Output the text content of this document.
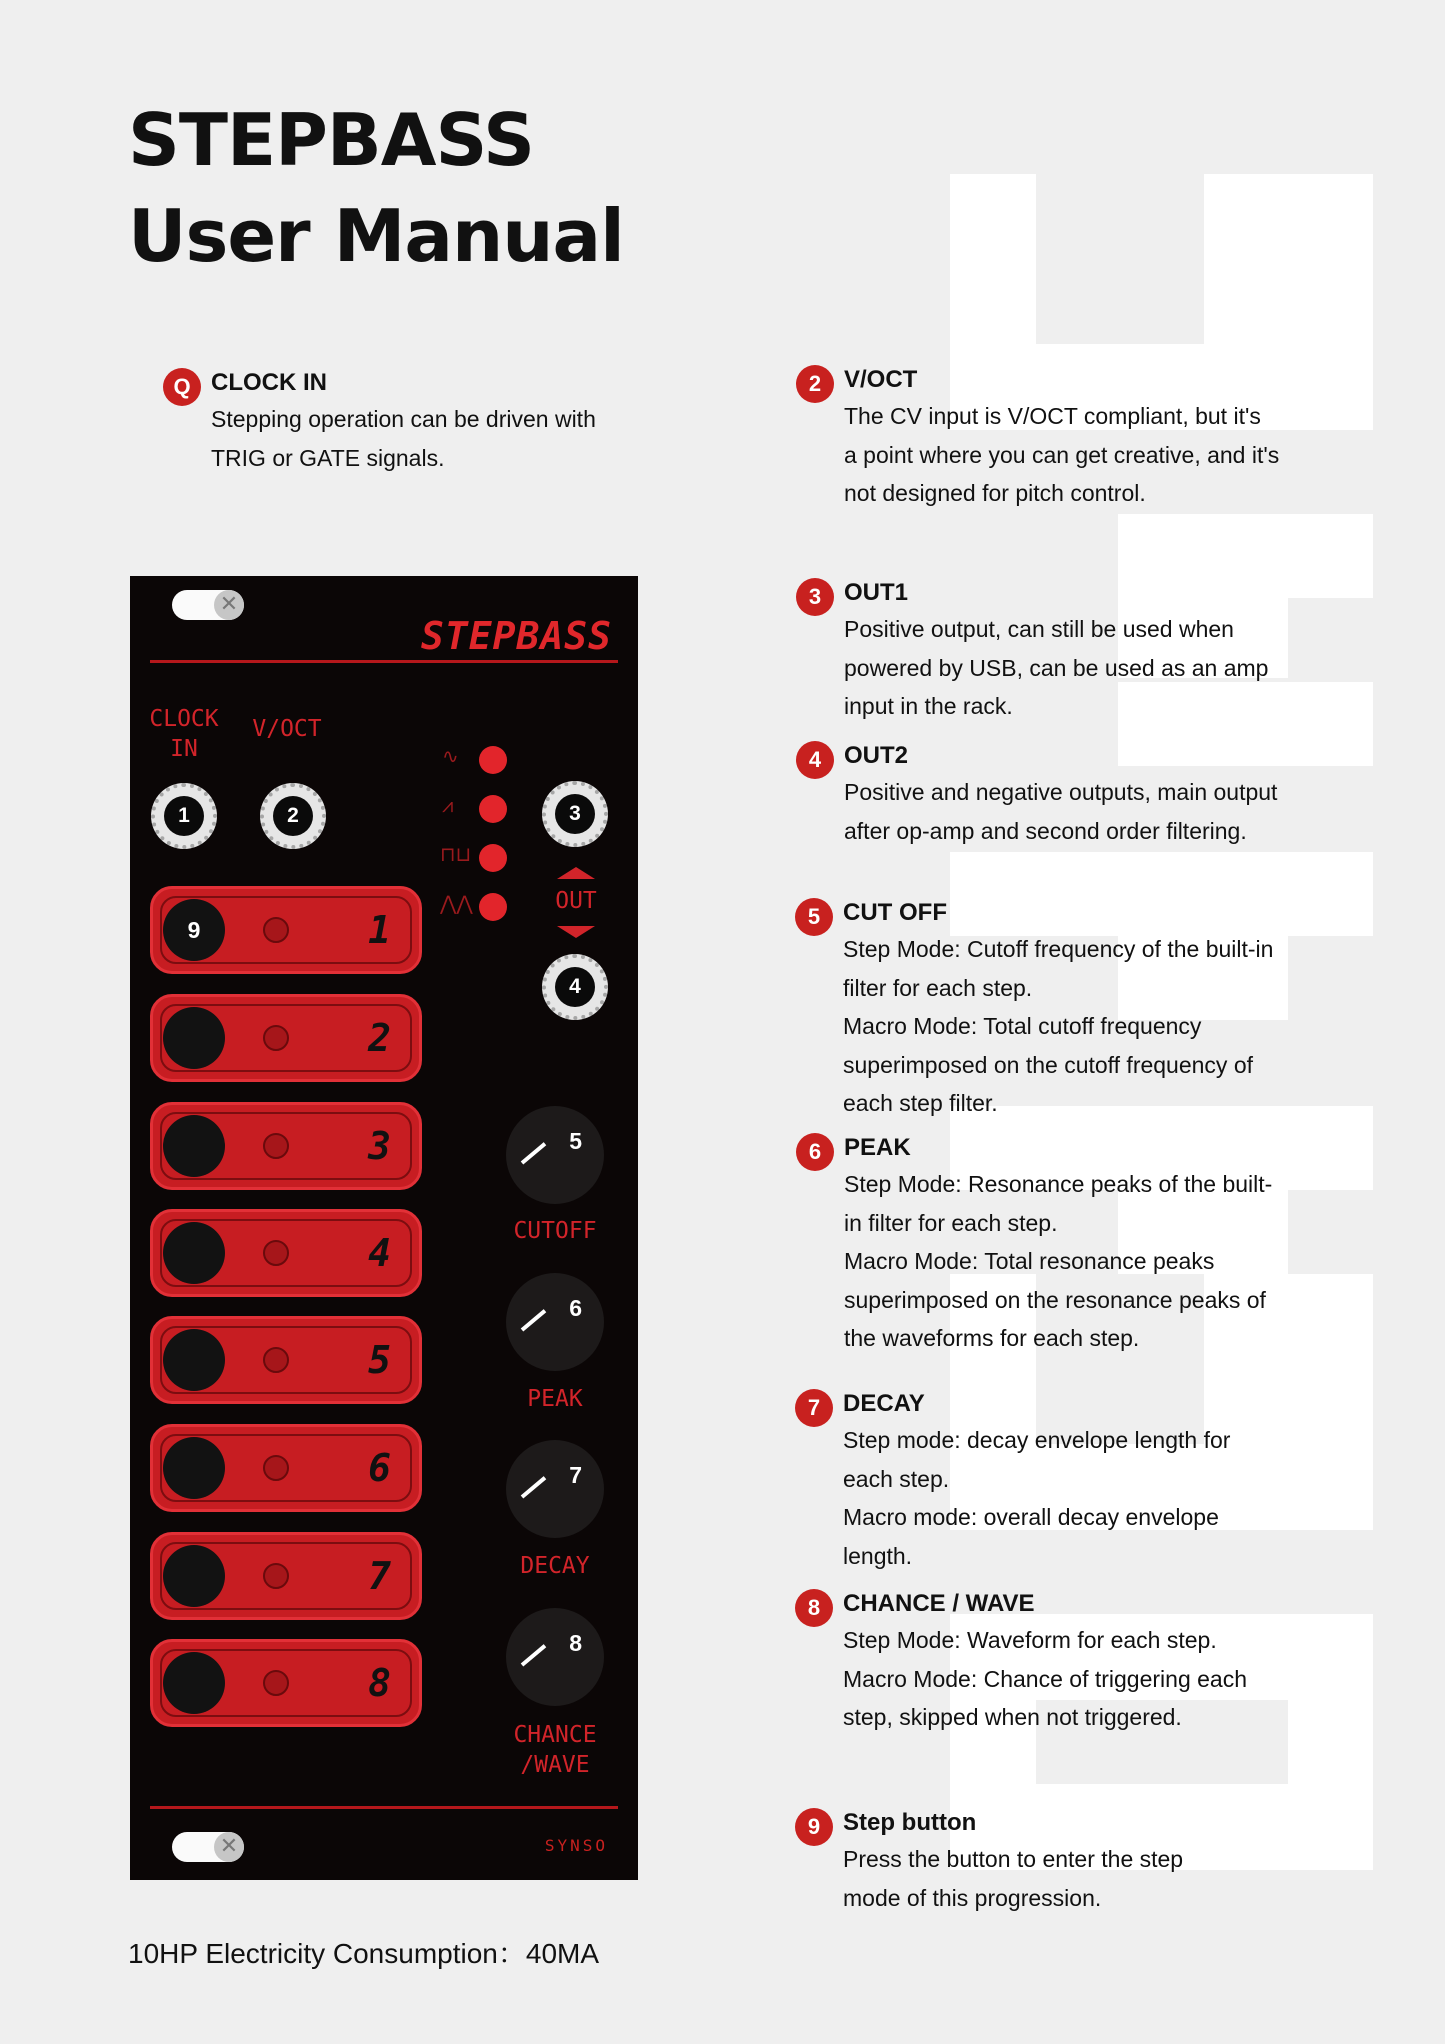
STEPBASS
User Manual
Q CLOCK IN

Stepping operation can be driven with

TRIG or GATE signals.

2 V/OCT

The CV input is V/OCT compliant, but it's

a point where you can get creative, and it's

not designed for pitch control.

3 OUT1

Positive output, can still be used when

powered by USB, can be used as an amp

input in the rack.

4 OUT2

Positive and negative outputs, main output

after op-amp and second order filtering.

5 CUT OFF

Step Mode: Cutoff frequency of the built-in

filter for each step.

Macro Mode: Total cutoff frequency

superimposed on the cutoff frequency of

each step filter.

6 PEAK

Step Mode: Resonance peaks of the built-

in filter for each step.

Macro Mode: Total resonance peaks

superimposed on the resonance peaks of

the waveforms for each step.

7 DECAY

Step mode: decay envelope length for

each step.

Macro mode: overall decay envelope

length.

8 CHANCE / WAVE

Step Mode: Waveform for each step.

Macro Mode: Chance of triggering each

step, skipped when not triggered.

9 Step button

Press the button to enter the step

mode of this progression.

✕
STEPBASS
CLOCK
IN
V/OCT
1	2	3
4
∿
⩘
⊓⊔
⋀⋀	OUT
9	1
2
3
4
5
6
7
8
5
CUTOFF
6
PEAK
7
DECAY
8
CHANCE
/WAVE
✕	SYNSO

10HP Electricity Consumption：40MA
